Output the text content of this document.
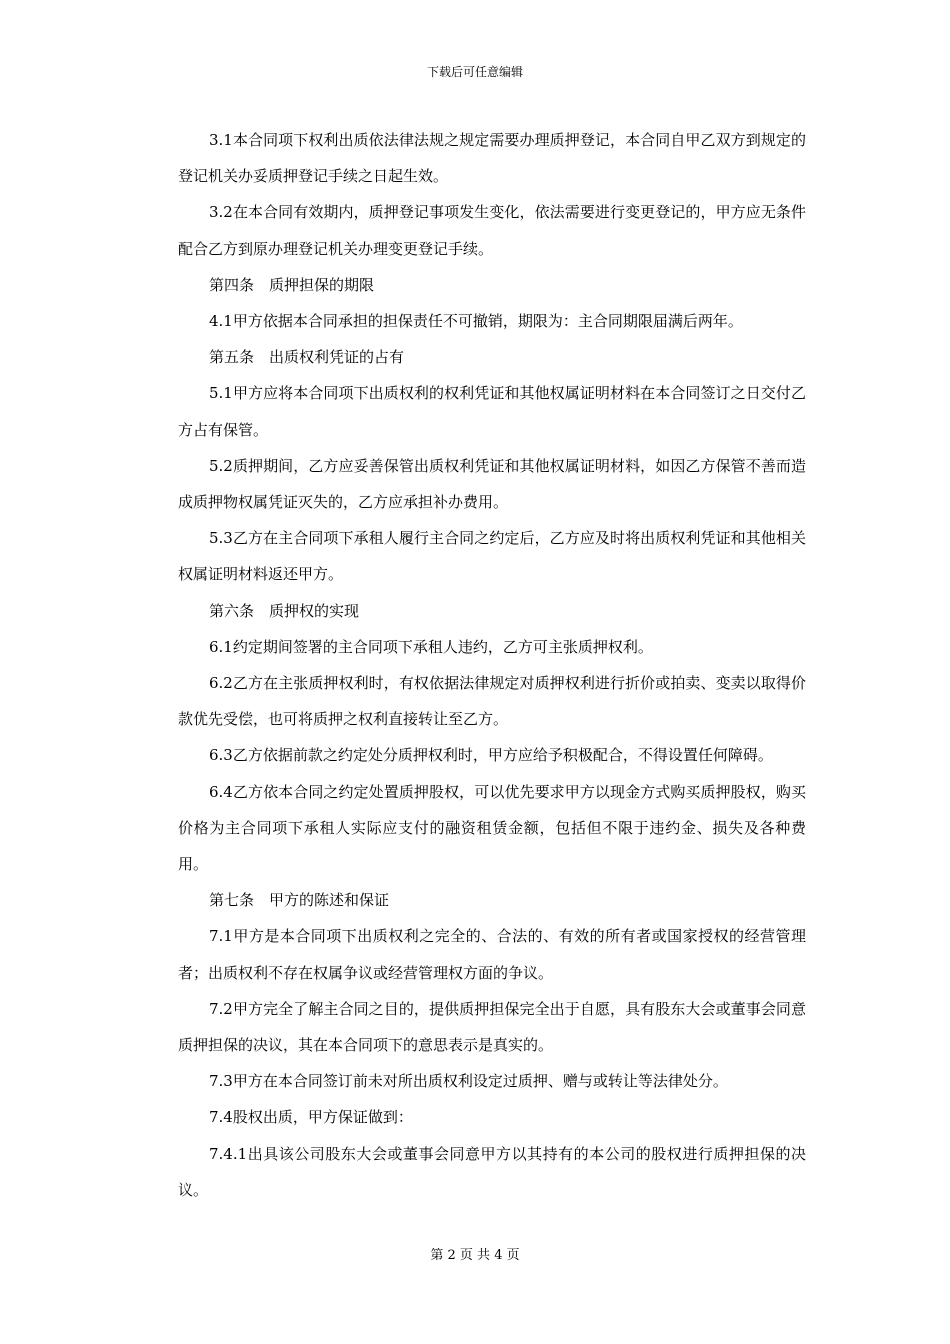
下载后可任意编辑

3.1本合同项下权利出质依法律法规之规定需要办理质押登记，本合同自甲乙双方到规定的登记机关办妥质押登记手续之日起生效。

3.2在本合同有效期内，质押登记事项发生变化，依法需要进行变更登记的，甲方应无条件配合乙方到原办理登记机关办理变更登记手续。

第四条　质押担保的期限

4.1甲方依据本合同承担的担保责任不可撤销，期限为：主合同期限届满后两年。

第五条　出质权利凭证的占有

5.1甲方应将本合同项下出质权利的权利凭证和其他权属证明材料在本合同签订之日交付乙方占有保管。

5.2质押期间，乙方应妥善保管出质权利凭证和其他权属证明材料，如因乙方保管不善而造成质押物权属凭证灭失的，乙方应承担补办费用。

5.3乙方在主合同项下承租人履行主合同之约定后，乙方应及时将出质权利凭证和其他相关权属证明材料返还甲方。

第六条　质押权的实现

6.1约定期间签署的主合同项下承租人违约，乙方可主张质押权利。

6.2乙方在主张质押权利时，有权依据法律规定对质押权利进行折价或拍卖、变卖以取得价款优先受偿，也可将质押之权利直接转让至乙方。

6.3乙方依据前款之约定处分质押权利时，甲方应给予积极配合，不得设置任何障碍。

6.4乙方依本合同之约定处置质押股权，可以优先要求甲方以现金方式购买质押股权，购买价格为主合同项下承租人实际应支付的融资租赁金额，包括但不限于违约金、损失及各种费用。

第七条　甲方的陈述和保证

7.1甲方是本合同项下出质权利之完全的、合法的、有效的所有者或国家授权的经营管理者；出质权利不存在权属争议或经营管理权方面的争议。

7.2甲方完全了解主合同之目的，提供质押担保完全出于自愿，具有股东大会或董事会同意质押担保的决议，其在本合同项下的意思表示是真实的。

7.3甲方在本合同签订前未对所出质权利设定过质押、赠与或转让等法律处分。

7.4股权出质，甲方保证做到：

7.4.1出具该公司股东大会或董事会同意甲方以其持有的本公司的股权进行质押担保的决议。

第 2 页 共 4 页
